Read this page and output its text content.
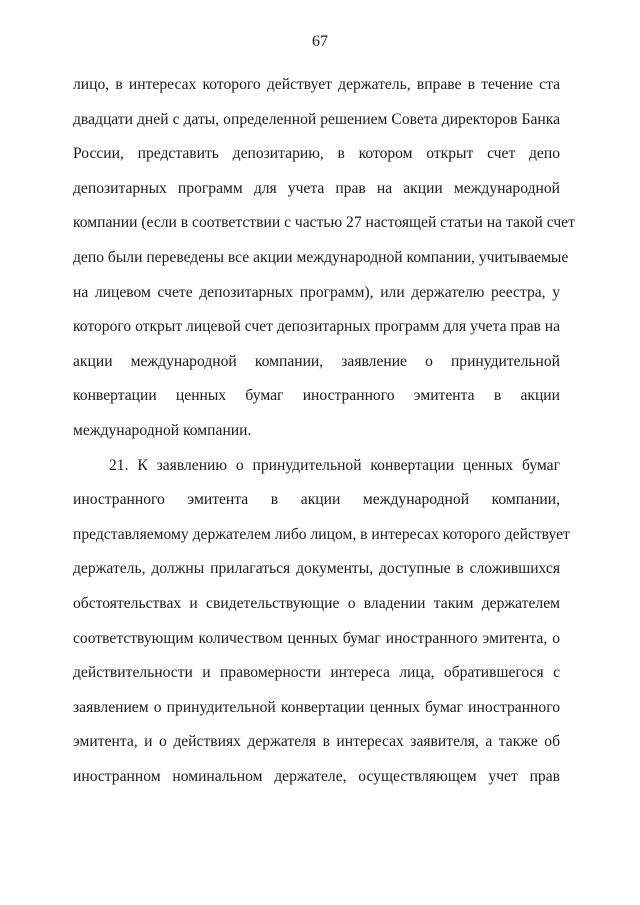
67
лицо, в интересах которого действует держатель, вправе в течение ста
двадцати дней с даты, определенной решением Совета директоров Банка
России, представить депозитарию, в котором открыт счет депо
депозитарных программ для учета прав на акции международной
компании (если в соответствии с частью 27 настоящей статьи на такой счет
депо были переведены все акции международной компании, учитываемые
на лицевом счете депозитарных программ), или держателю реестра, у
которого открыт лицевой счет депозитарных программ для учета прав на
акции международной компании, заявление о принудительной
конвертации ценных бумаг иностранного эмитента в акции
международной компании.
21. К заявлению о принудительной конвертации ценных бумаг
иностранного эмитента в акции международной компании,
представляемому держателем либо лицом, в интересах которого действует
держатель, должны прилагаться документы, доступные в сложившихся
обстоятельствах и свидетельствующие о владении таким держателем
соответствующим количеством ценных бумаг иностранного эмитента, о
действительности и правомерности интереса лица, обратившегося с
заявлением о принудительной конвертации ценных бумаг иностранного
эмитента, и о действиях держателя в интересах заявителя, а также об
иностранном номинальном держателе, осуществляющем учет прав
